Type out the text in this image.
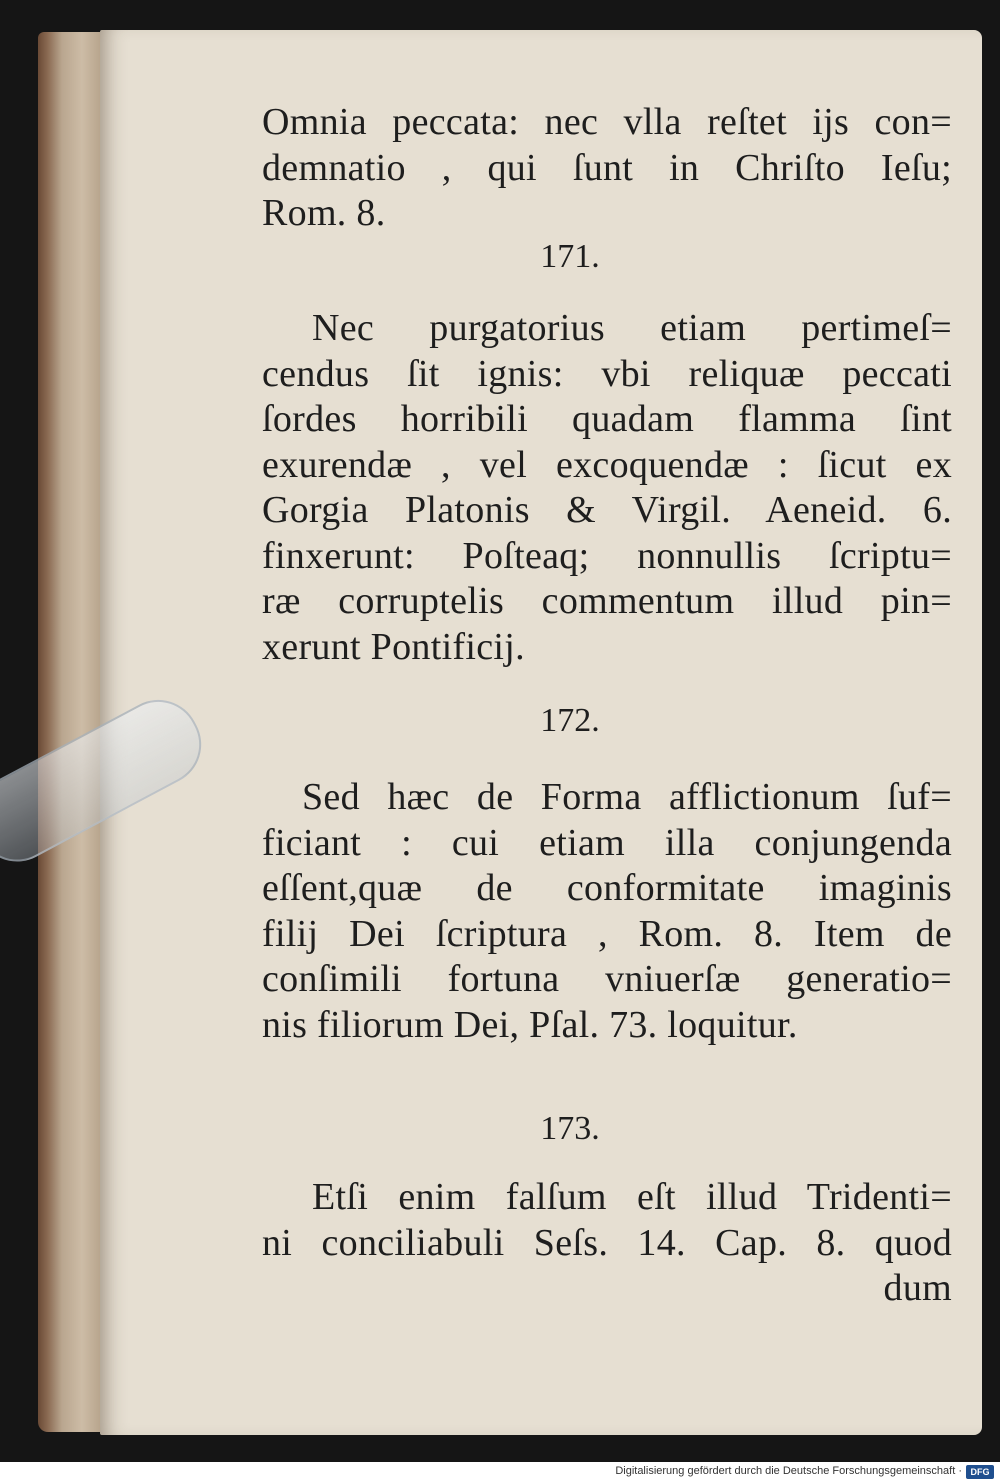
Omnia peccata: nec vlla reſtet ijs con=
demnatio , qui ſunt in Chriſto Ieſu;
Rom. 8.
171.
Nec purgatorius etiam pertimeſ=
cendus ſit ignis: vbi reliquæ peccati
ſordes horribili quadam flamma ſint
exurendæ , vel excoquendæ : ſicut ex
Gorgia Platonis & Virgil. Aeneid. 6.
finxerunt: Poſteaq; nonnullis ſcriptu=
ræ corruptelis commentum illud pin=
xerunt Pontificij.
172.
Sed hæc de Forma afflictionum ſuf=
ficiant : cui etiam illa conjungenda
eſſent,quæ de conformitate imaginis
filij Dei ſcriptura , Rom. 8. Item de
conſimili fortuna vniuerſæ generatio=
nis filiorum Dei, Pſal. 73. loquitur.
173.
Etſi enim falſum eſt illud Tridenti=
ni conciliabuli Seſs. 14. Cap. 8. quod
dum
Digitalisierung gefördert durch die Deutsche Forschungsgemeinschaft · DFG
